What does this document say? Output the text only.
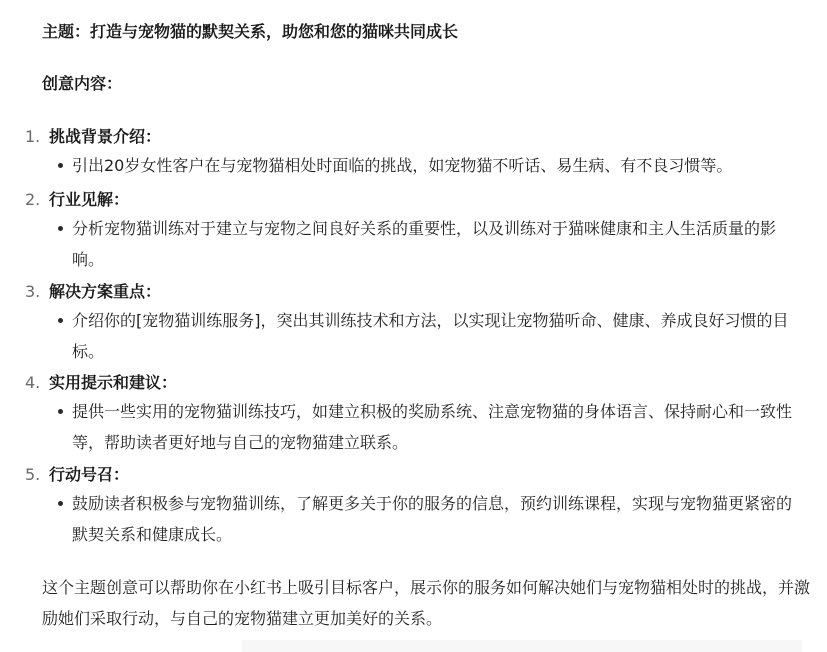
主题：打造与宠物猫的默契关系，助您和您的猫咪共同成长
创意内容：
1. 挑战背景介绍：
引出20岁女性客户在与宠物猫相处时面临的挑战，如宠物猫不听话、易生病、有不良习惯等。
2. 行业见解：
分析宠物猫训练对于建立与宠物之间良好关系的重要性，以及训练对于猫咪健康和主人生活质量的影响。
3. 解决方案重点：
介绍你的[宠物猫训练服务]，突出其训练技术和方法，以实现让宠物猫听命、健康、养成良好习惯的目标。
4. 实用提示和建议：
提供一些实用的宠物猫训练技巧，如建立积极的奖励系统、注意宠物猫的身体语言、保持耐心和一致性等，帮助读者更好地与自己的宠物猫建立联系。
5. 行动号召：
鼓励读者积极参与宠物猫训练，了解更多关于你的服务的信息，预约训练课程，实现与宠物猫更紧密的默契关系和健康成长。
这个主题创意可以帮助你在小红书上吸引目标客户，展示你的服务如何解决她们与宠物猫相处时的挑战，并激励她们采取行动，与自己的宠物猫建立更加美好的关系。
